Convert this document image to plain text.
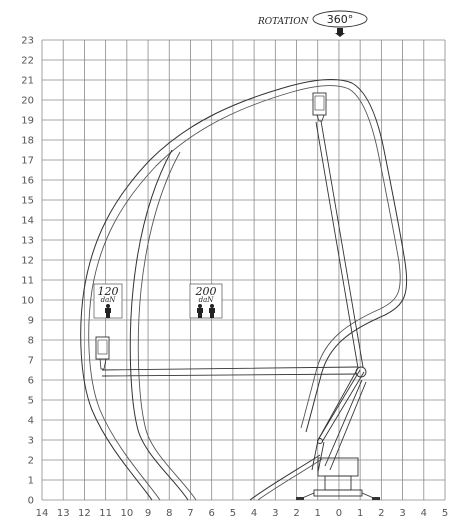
ROTATION 360°
0
1
2
3
4
5
6
7
8
9
10
11
12
13
14
15
16
17
18
19
20
21
22
23
14 13 12 11 10 9 8 7 6 5 4 3 2 1 0 1 2 3 4 5
120
daN
200
daN
